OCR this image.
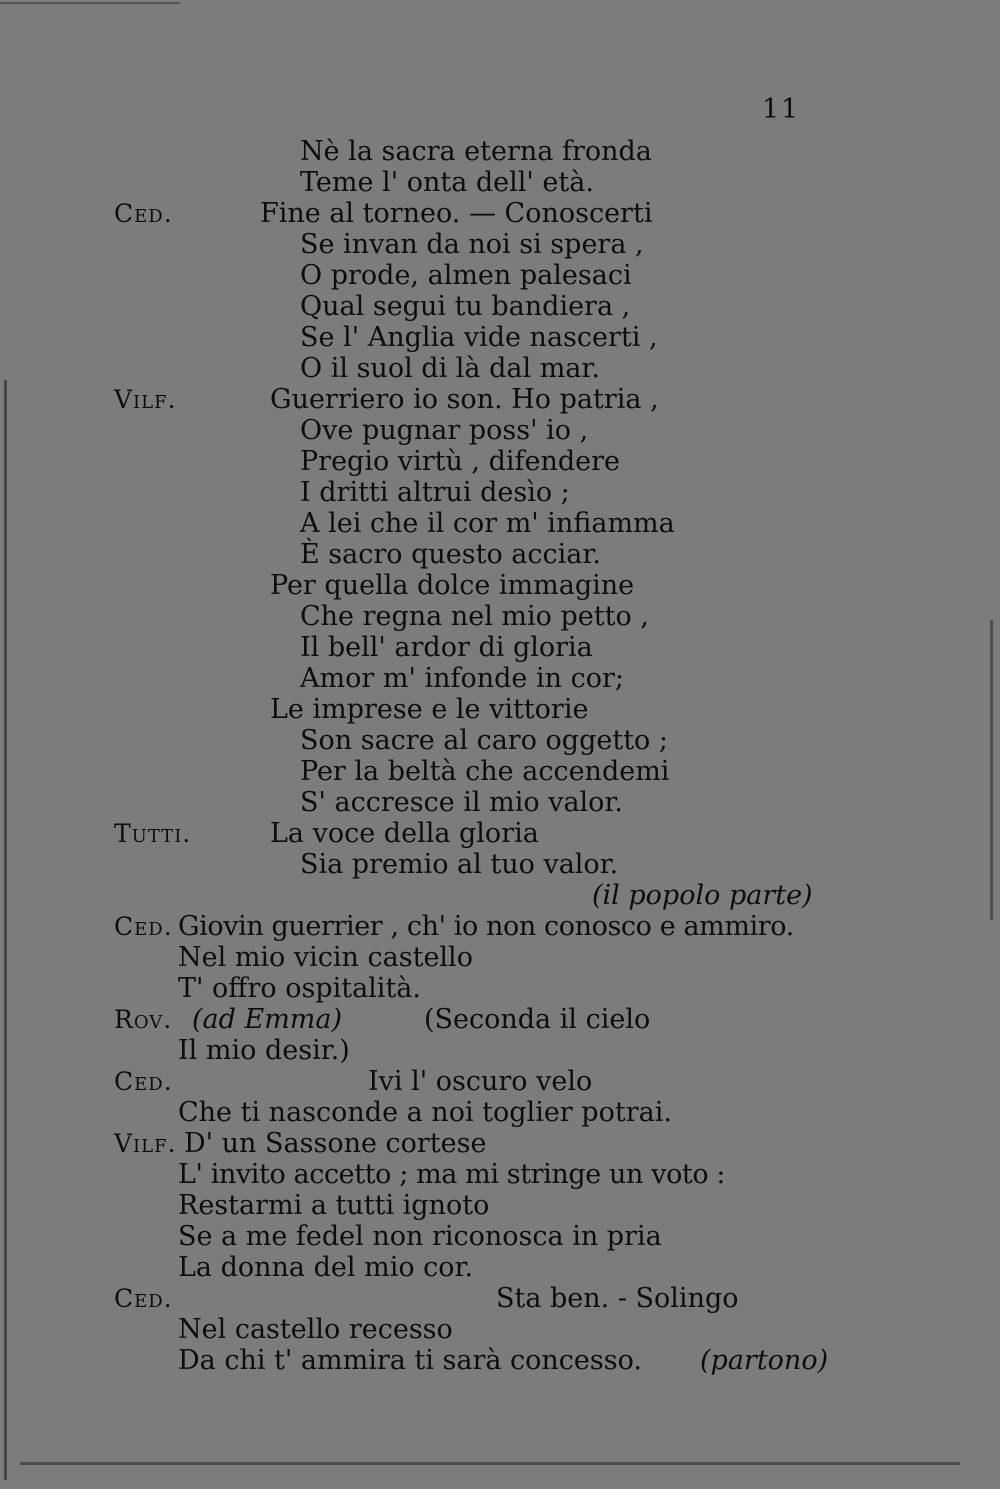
11
Nè la sacra eterna fronda
Teme l' onta dell' età.
Ced.	Fine al torneo. — Conoscerti
Se invan da noi si spera ,
O prode, almen palesaci
Qual segui tu bandiera ,
Se l' Anglia vide nascerti ,
O il suol di là dal mar.
Vilf.	Guerriero io son. Ho patria ,
Ove pugnar poss' io ,
Pregio virtù , difendere
I dritti altrui desìo ;
A lei che il cor m' infiamma
È sacro questo acciar.
Per quella dolce immagine
Che regna nel mio petto ,
Il bell' ardor di gloria
Amor m' infonde in cor;
Le imprese e le vittorie
Son sacre al caro oggetto ;
Per la beltà che accendemi
S' accresce il mio valor.
Tutti.	La voce della gloria
Sia premio al tuo valor.
(il popolo parte)
Ced. Giovin guerrier , ch' io non conosco e ammiro.
Nel mio vicin castello
T' offro ospitalità.
Rov. (ad Emma)	(Seconda il cielo
Il mio desir.)
Ced.	Ivi l' oscuro velo
Che ti nasconde a noi toglier potrai.
Vilf. D' un Sassone cortese
L' invito accetto ; ma mi stringe un voto :
Restarmi a tutti ignoto
Se a me fedel non riconosca in pria
La donna del mio cor.
Ced.	Sta ben. - Solingo
Nel castello recesso
Da chi t' ammira ti sarà concesso. (partono)
